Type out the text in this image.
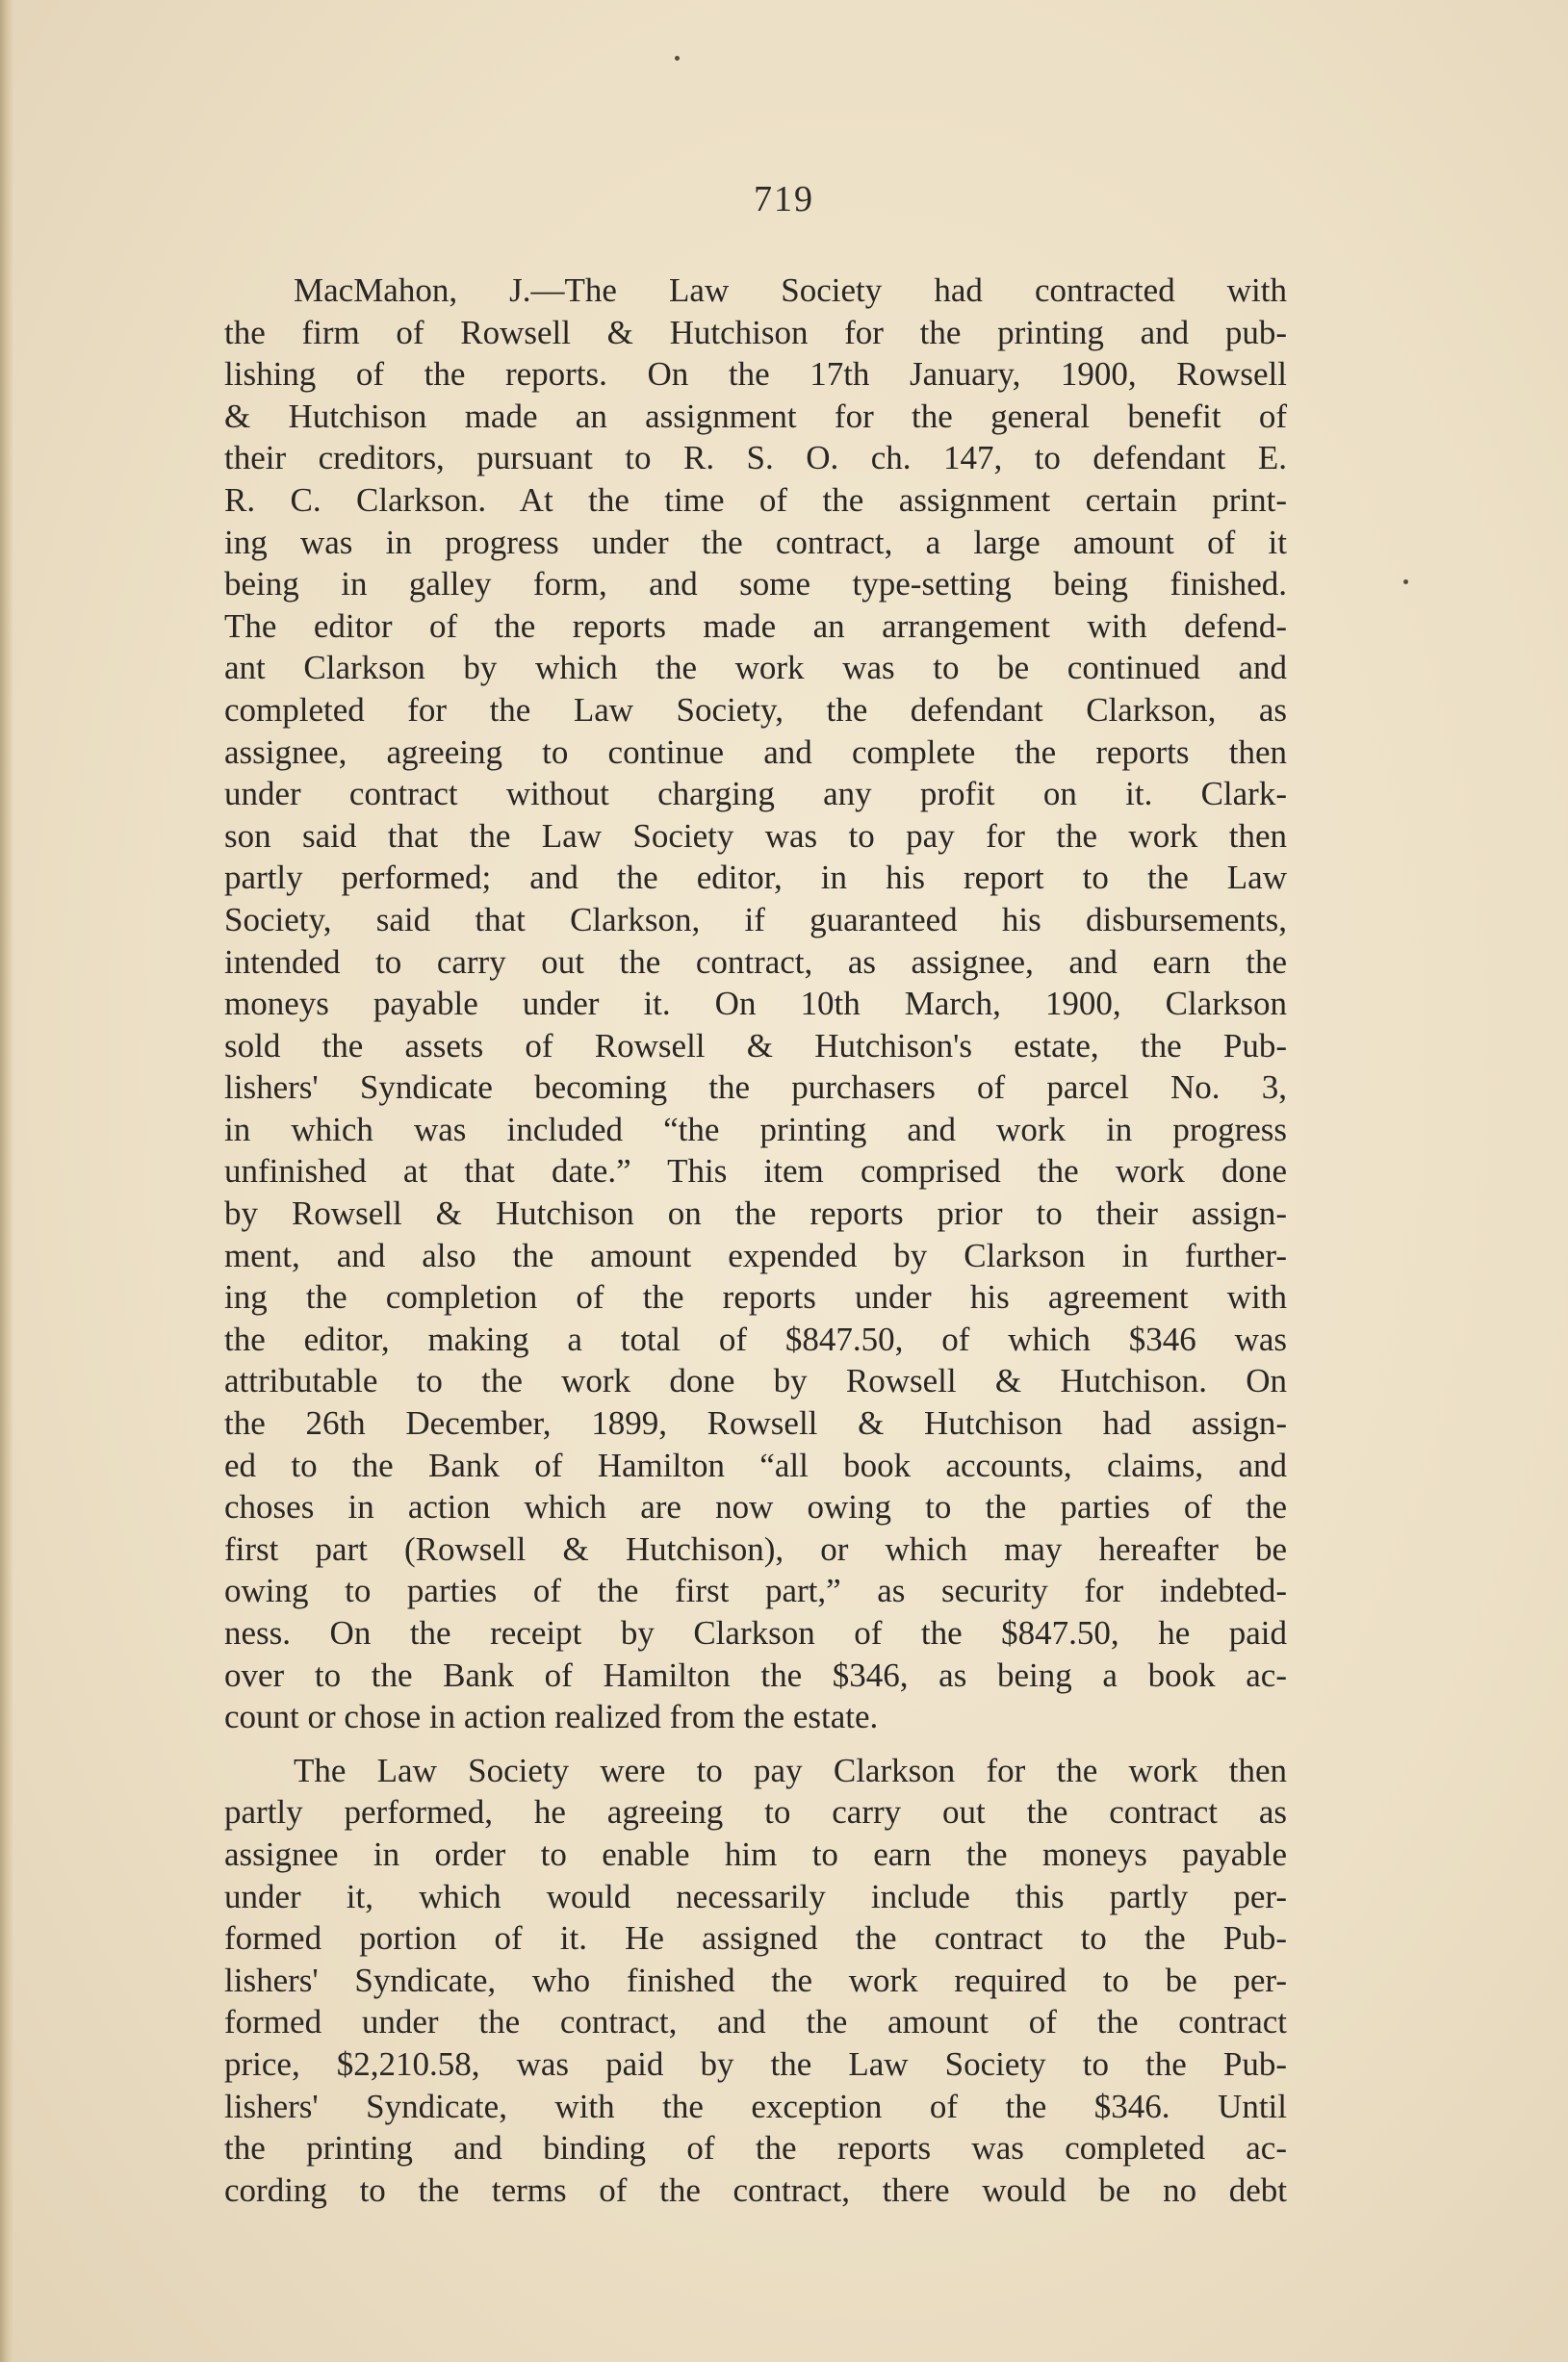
719
MacMahon, J.—The Law Society had contracted with
the firm of Rowsell & Hutchison for the printing and pub-
lishing of the reports. On the 17th January, 1900, Rowsell
& Hutchison made an assignment for the general benefit of
their creditors, pursuant to R. S. O. ch. 147, to defendant E.
R. C. Clarkson. At the time of the assignment certain print-
ing was in progress under the contract, a large amount of it
being in galley form, and some type-setting being finished.
The editor of the reports made an arrangement with defend-
ant Clarkson by which the work was to be continued and
completed for the Law Society, the defendant Clarkson, as
assignee, agreeing to continue and complete the reports then
under contract without charging any profit on it. Clark-
son said that the Law Society was to pay for the work then
partly performed; and the editor, in his report to the Law
Society, said that Clarkson, if guaranteed his disbursements,
intended to carry out the contract, as assignee, and earn the
moneys payable under it. On 10th March, 1900, Clarkson
sold the assets of Rowsell & Hutchison's estate, the Pub-
lishers' Syndicate becoming the purchasers of parcel No. 3,
in which was included “the printing and work in progress
unfinished at that date.” This item comprised the work done
by Rowsell & Hutchison on the reports prior to their assign-
ment, and also the amount expended by Clarkson in further-
ing the completion of the reports under his agreement with
the editor, making a total of $847.50, of which $346 was
attributable to the work done by Rowsell & Hutchison. On
the 26th December, 1899, Rowsell & Hutchison had assign-
ed to the Bank of Hamilton “all book accounts, claims, and
choses in action which are now owing to the parties of the
first part (Rowsell & Hutchison), or which may hereafter be
owing to parties of the first part,” as security for indebted-
ness. On the receipt by Clarkson of the $847.50, he paid
over to the Bank of Hamilton the $346, as being a book ac-
count or chose in action realized from the estate.
The Law Society were to pay Clarkson for the work then
partly performed, he agreeing to carry out the contract as
assignee in order to enable him to earn the moneys payable
under it, which would necessarily include this partly per-
formed portion of it. He assigned the contract to the Pub-
lishers' Syndicate, who finished the work required to be per-
formed under the contract, and the amount of the contract
price, $2,210.58, was paid by the Law Society to the Pub-
lishers' Syndicate, with the exception of the $346. Until
the printing and binding of the reports was completed ac-
cording to the terms of the contract, there would be no debt
